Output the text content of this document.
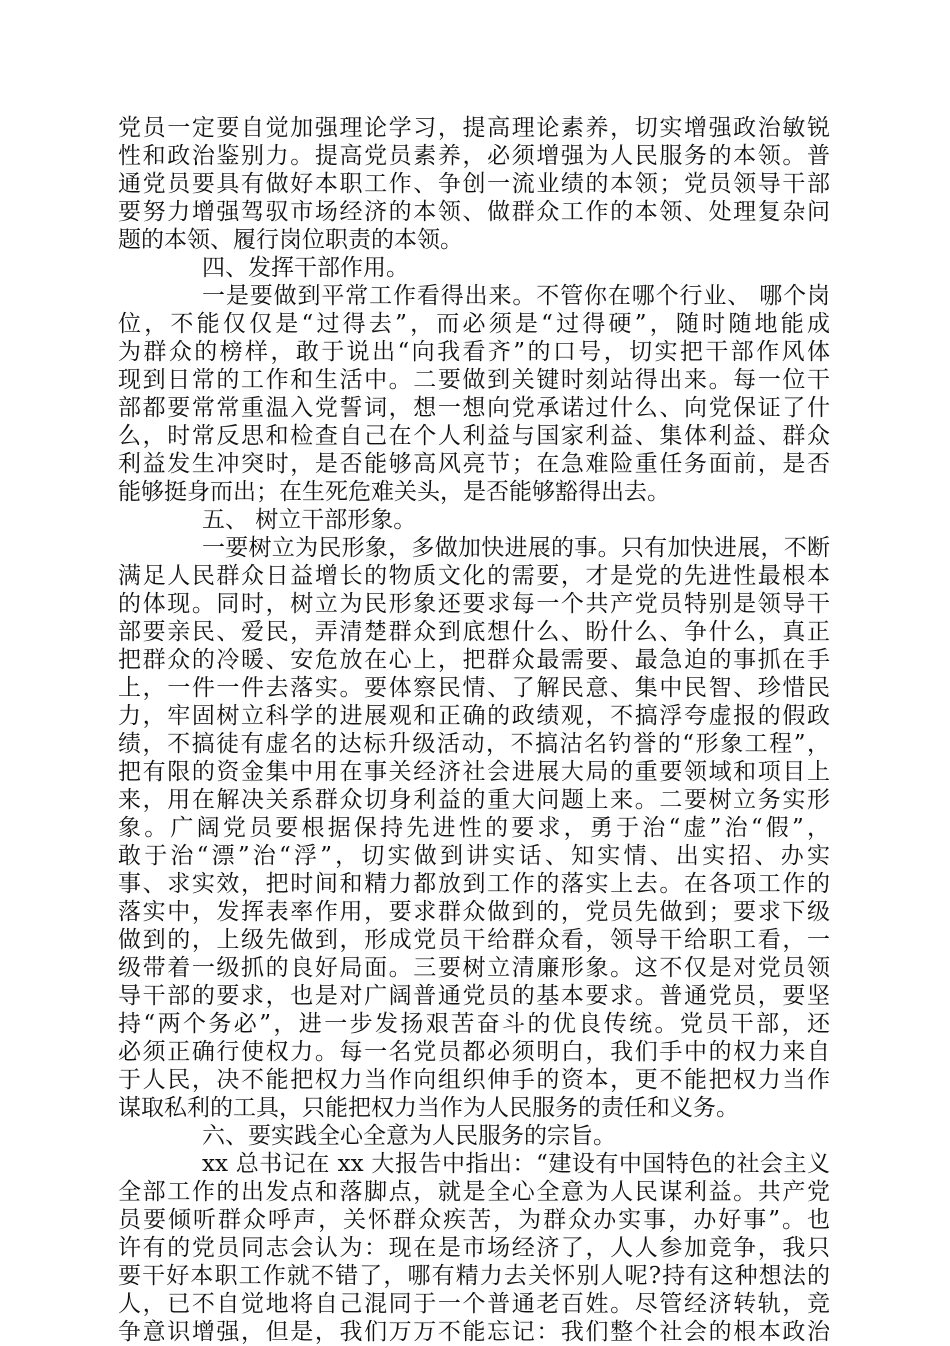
党员一定要自觉加强理论学习，提高理论素养，切实增强政治敏锐
性和政治鉴别力。提高党员素养，必须增强为人民服务的本领。普
通党员要具有做好本职工作、争创一流业绩的本领；党员领导干部
要努力增强驾驭市场经济的本领、做群众工作的本领、处理复杂问
题的本领、履行岗位职责的本领。
四、发挥干部作用。
一是要做到平常工作看得出来。不管你在哪个行业、 哪个岗
位，不能仅仅是“过得去”，而必须是“过得硬”，随时随地能成
为群众的榜样，敢于说出“向我看齐”的口号，切实把干部作风体
现到日常的工作和生活中。二要做到关键时刻站得出来。每一位干
部都要常常重温入党誓词，想一想向党承诺过什么、向党保证了什
么，时常反思和检查自己在个人利益与国家利益、集体利益、群众
利益发生冲突时，是否能够高风亮节；在急难险重任务面前，是否
能够挺身而出；在生死危难关头，是否能够豁得出去。
五、 树立干部形象。
一要树立为民形象，多做加快进展的事。只有加快进展，不断
满足人民群众日益增长的物质文化的需要，才是党的先进性最根本
的体现。同时，树立为民形象还要求每一个共产党员特别是领导干
部要亲民、爱民，弄清楚群众到底想什么、盼什么、争什么，真正
把群众的冷暖、安危放在心上，把群众最需要、最急迫的事抓在手
上，一件一件去落实。要体察民情、了解民意、集中民智、珍惜民
力，牢固树立科学的进展观和正确的政绩观，不搞浮夸虚报的假政
绩，不搞徒有虚名的达标升级活动，不搞沽名钓誉的“形象工程”，
把有限的资金集中用在事关经济社会进展大局的重要领域和项目上
来，用在解决关系群众切身利益的重大问题上来。二要树立务实形
象。广阔党员要根据保持先进性的要求，勇于治“虚”治“假”，
敢于治“漂”治“浮”，切实做到讲实话、知实情、出实招、办实
事、求实效，把时间和精力都放到工作的落实上去。在各项工作的
落实中，发挥表率作用，要求群众做到的，党员先做到；要求下级
做到的，上级先做到，形成党员干给群众看，领导干给职工看，一
级带着一级抓的良好局面。三要树立清廉形象。这不仅是对党员领
导干部的要求，也是对广阔普通党员的基本要求。普通党员，要坚
持“两个务必”，进一步发扬艰苦奋斗的优良传统。党员干部，还
必须正确行使权力。每一名党员都必须明白，我们手中的权力来自
于人民，决不能把权力当作向组织伸手的资本，更不能把权力当作
谋取私利的工具，只能把权力当作为人民服务的责任和义务。
六、要实践全心全意为人民服务的宗旨。
xx 总书记在 xx 大报告中指出：“建设有中国特色的社会主义
全部工作的出发点和落脚点，就是全心全意为人民谋利益。共产党
员要倾听群众呼声，关怀群众疾苦，为群众办实事，办好事”。也
许有的党员同志会认为：现在是市场经济了，人人参加竞争，我只
要干好本职工作就不错了，哪有精力去关怀别人呢?持有这种想法的
人，已不自觉地将自己混同于一个普通老百姓。尽管经济转轨，竞
争意识增强，但是，我们万万不能忘记：我们整个社会的根本政治
